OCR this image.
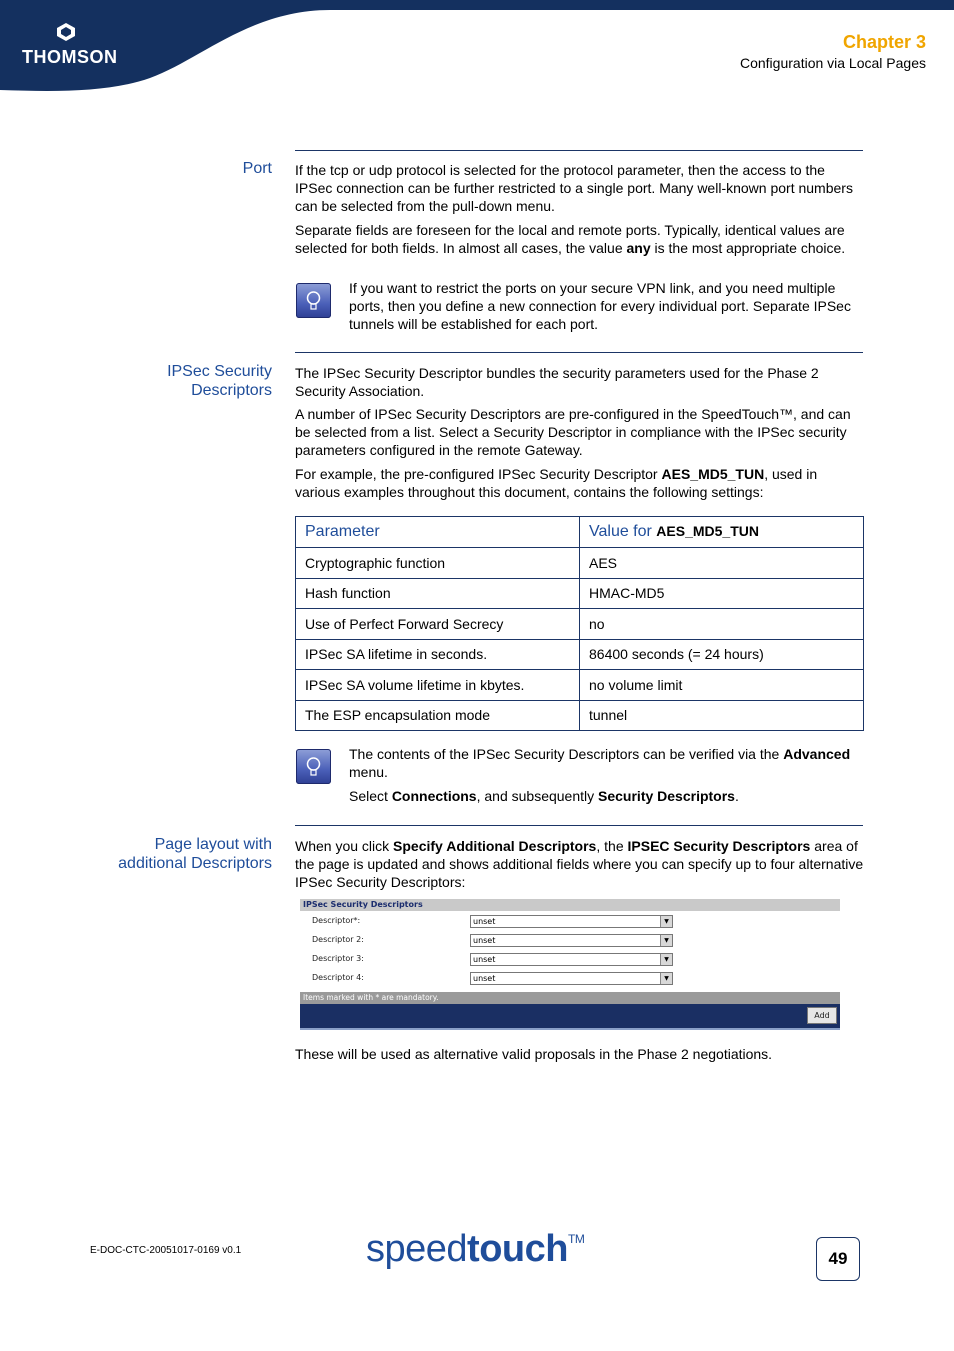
THOMSON
Chapter 3
Configuration via Local Pages
Port If the tcp or udp protocol is selected for the protocol parameter, then the access to the IPSec connection can be further restricted to a single port. Many well-known port numbers can be selected from the pull-down menu.
Separate fields are foreseen for the local and remote ports. Typically, identical values are selected for both fields. In almost all cases, the value any is the most appropriate choice.
If you want to restrict the ports on your secure VPN link, and you need multiple ports, then you define a new connection for every individual port. Separate IPSec tunnels will be established for each port.
IPSec Security
Descriptors
The IPSec Security Descriptor bundles the security parameters used for the Phase 2 Security Association.
A number of IPSec Security Descriptors are pre-configured in the SpeedTouch™, and can be selected from a list. Select a Security Descriptor in compliance with the IPSec security parameters configured in the remote Gateway.
For example, the pre-configured IPSec Security Descriptor AES_MD5_TUN, used in various examples throughout this document, contains the following settings:
Parameter	Value for AES_MD5_TUN
Cryptographic function	AES
Hash function	HMAC-MD5
Use of Perfect Forward Secrecy	no
IPSec SA lifetime in seconds.	86400 seconds (= 24 hours)
IPSec SA volume lifetime in kbytes.	no volume limit
The ESP encapsulation mode	tunnel
The contents of the IPSec Security Descriptors can be verified via the Advanced menu.
Select Connections, and subsequently Security Descriptors.
Page layout with
additional Descriptors
When you click Specify Additional Descriptors, the IPSEC Security Descriptors area of the page is updated and shows additional fields where you can specify up to four alternative IPSec Security Descriptors:
IPSec Security Descriptors
Descriptor*:	unset	▼
Descriptor 2:	unset	▼
Descriptor 3:	unset	▼
Descriptor 4:	unset	▼
Items marked with * are mandatory.
Add
These will be used as alternative valid proposals in the Phase 2 negotiations.
E-DOC-CTC-20051017-0169 v0.1	speedtouch™
49
